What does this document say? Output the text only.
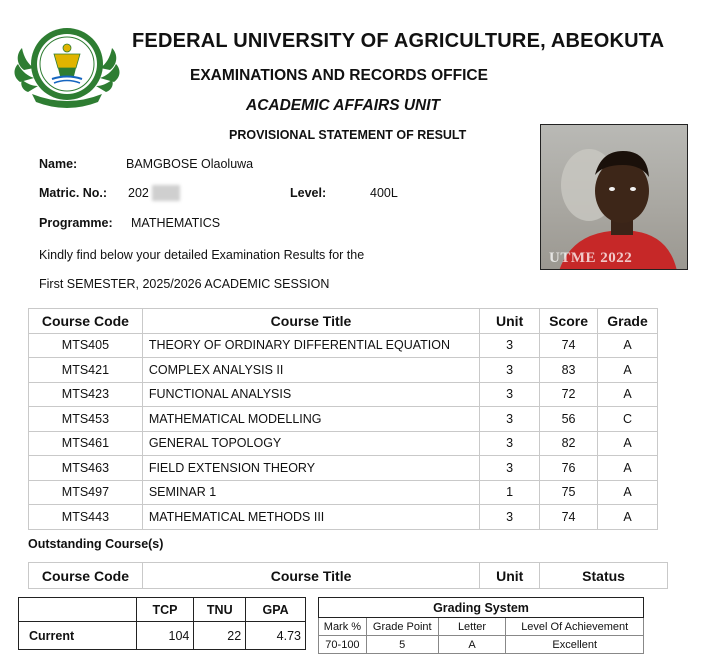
FEDERAL UNIVERSITY OF AGRICULTURE, ABEOKUTA
EXAMINATIONS AND RECORDS OFFICE
ACADEMIC AFFAIRS UNIT
PROVISIONAL STATEMENT OF RESULT
Name:	BAMGBOSE Olaoluwa
Matric. No.: 202	Level:	400L
Programme: MATHEMATICS
Kindly find below your detailed Examination Results for the
First SEMESTER, 2025/2026 ACADEMIC SESSION
UTME 2022
Course Code	Course Title	Unit	Score	Grade
MTS405	THEORY OF ORDINARY DIFFERENTIAL EQUATION	3	74	A
MTS421	COMPLEX ANALYSIS II	3	83	A
MTS423	FUNCTIONAL ANALYSIS	3	72	A
MTS453	MATHEMATICAL MODELLING	3	56	C
MTS461	GENERAL TOPOLOGY	3	82	A
MTS463	FIELD EXTENSION THEORY	3	76	A
MTS497	SEMINAR 1	1	75	A
MTS443	MATHEMATICAL METHODS III	3	74	A
Outstanding Course(s)
Course Code	Course Title	Unit	Status
	TCP	TNU	GPA
Current	104	22	4.73
Grading System			
Mark %	Grade Point	Letter	Level Of Achievement
70-100	5	A	Excellent
